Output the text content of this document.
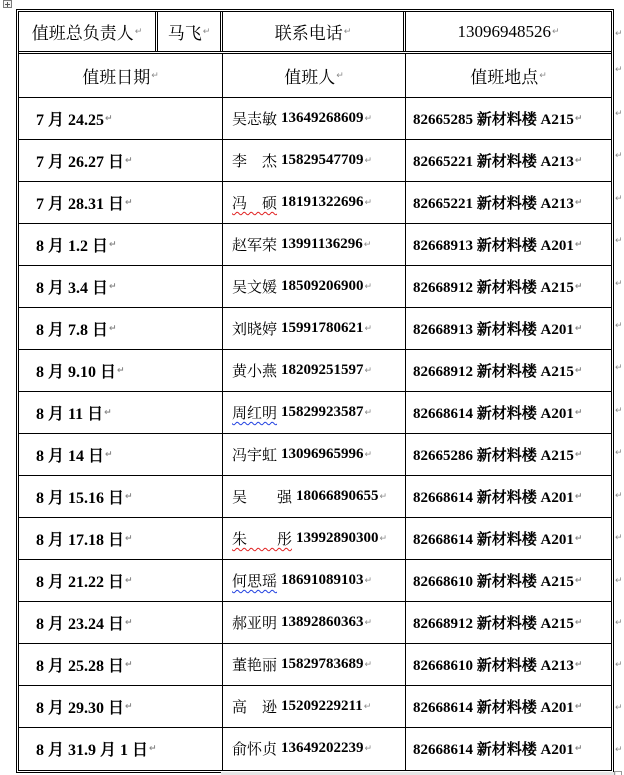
值班总负责人 ↵ 马飞 ↵	联系电话 ↵	13096948526 ↵
值班日期 ↵	值班人 ↵	值班地点 ↵
7 月 24.25 ↵	吴志敏 13649268609 ↵	82665285 新材料楼 A215 ↵
7 月 26.27 日 ↵	李　杰 15829547709 ↵	82665221 新材料楼 A213 ↵
7 月 28.31 日 ↵	冯　硕 18191322696 ↵	82665221 新材料楼 A213 ↵
8 月 1.2 日 ↵	赵军荣 13991136296 ↵	82668913 新材料楼 A201 ↵
8 月 3.4 日 ↵	吴文媛 18509206900 ↵	82668912 新材料楼 A215 ↵
8 月 7.8 日 ↵	刘晓婷 15991780621 ↵	82668913 新材料楼 A201 ↵
8 月 9.10 日 ↵	黄小燕 18209251597 ↵	82668912 新材料楼 A215 ↵
8 月 11 日 ↵	周红明 15829923587 ↵	82668614 新材料楼 A201 ↵
8 月 14 日 ↵	冯宇虹 13096965996 ↵	82665286 新材料楼 A215 ↵
8 月 15.16 日 ↵	吴　　强 18066890655 ↵ 82668614 新材料楼 A201 ↵
8 月 17.18 日 ↵	朱　　彤 13992890300 ↵ 82668614 新材料楼 A201 ↵
8 月 21.22 日 ↵	何思瑶 18691089103 ↵	82668610 新材料楼 A215 ↵
8 月 23.24 日 ↵	郝亚明 13892860363 ↵	82668912 新材料楼 A215 ↵
8 月 25.28 日 ↵	董艳丽 15829783689 ↵	82668610 新材料楼 A213 ↵
8 月 29.30 日 ↵	高　逊 15209229211 ↵	82668614 新材料楼 A201 ↵
8 月 31.9 月 1 日 ↵	俞怀贞 13649202239 ↵	82668614 新材料楼 A201 ↵
↵
↵
↵
↵
↵
↵
↵
↵
↵
↵
↵
↵
↵
↵
↵
↵
↵
↵
